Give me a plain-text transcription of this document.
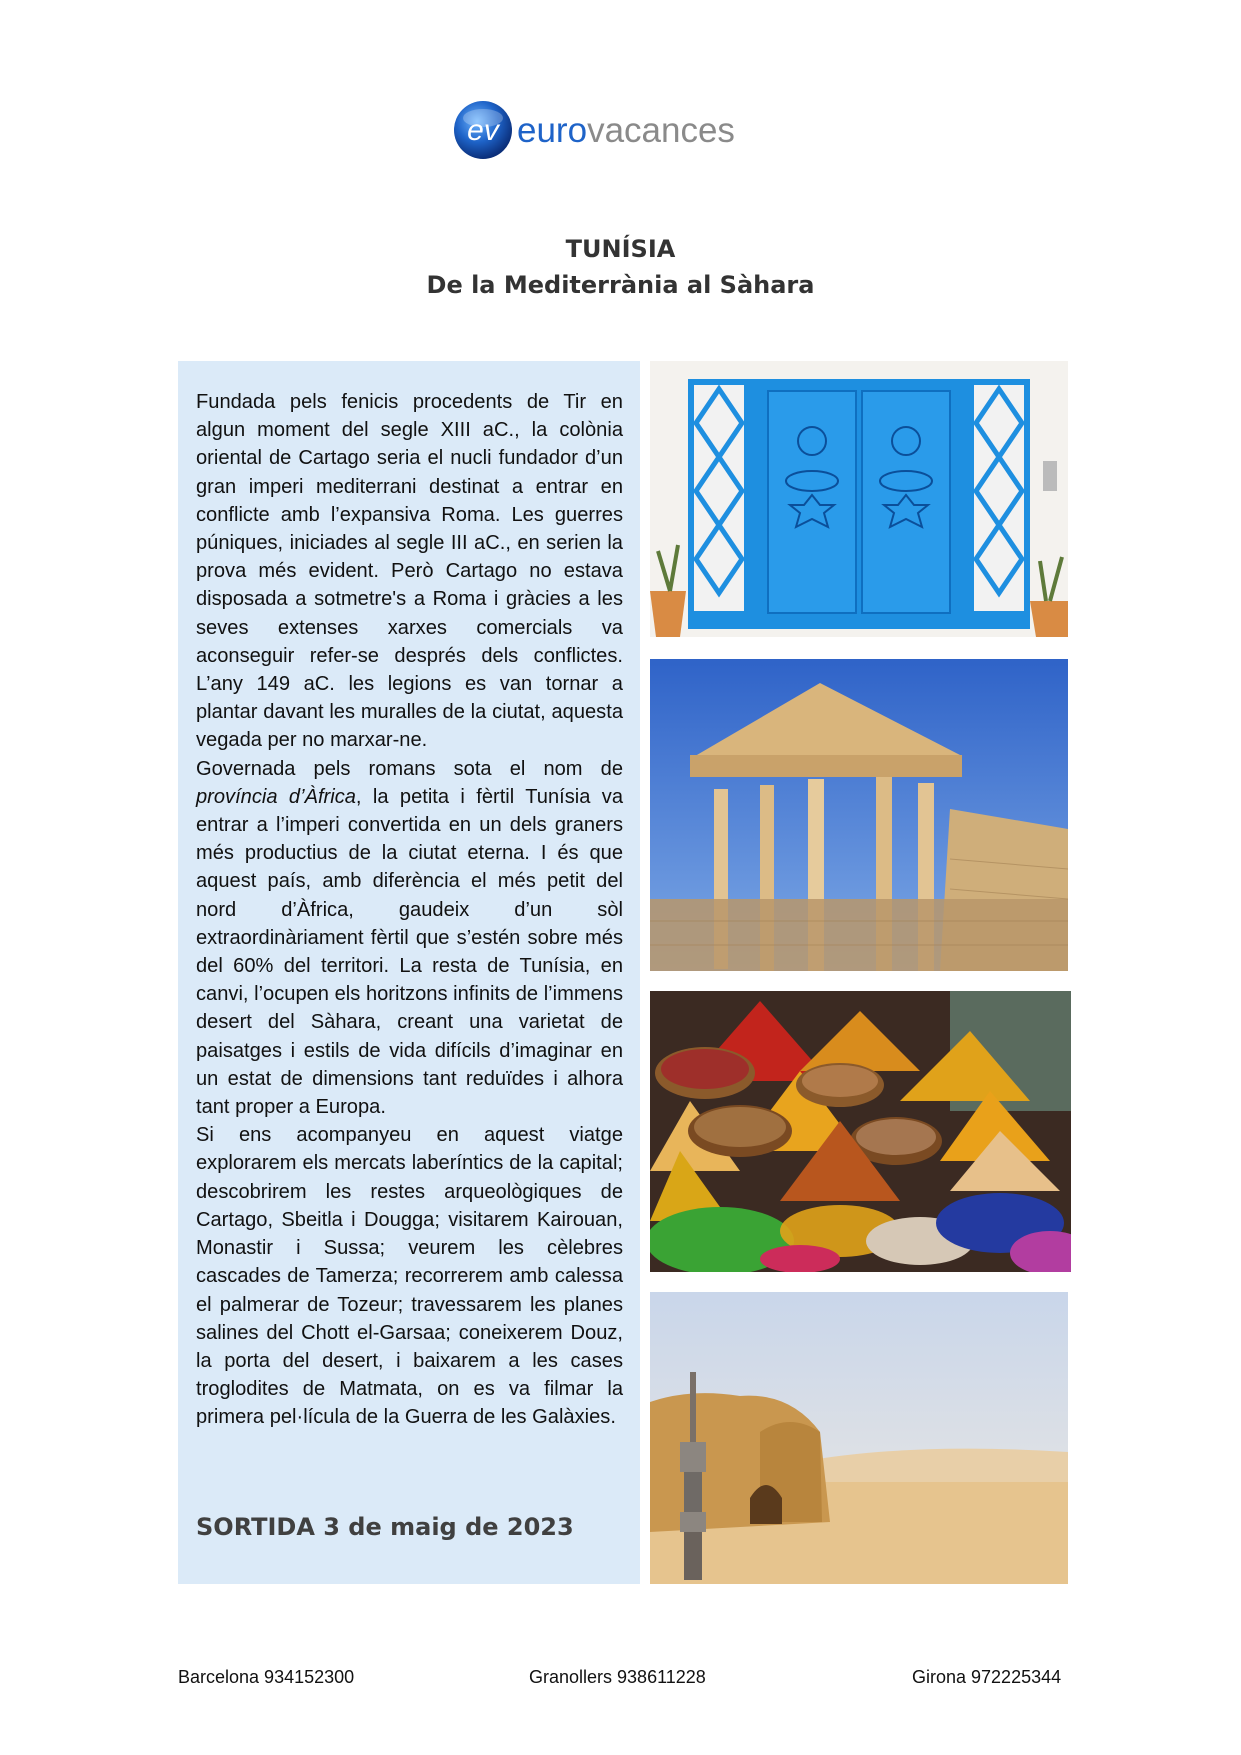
ev eurovacances
TUNÍSIA
De la Mediterrània al Sàhara

Fundada pels fenicis procedents de Tir en algun moment del segle XIII aC., la colònia oriental de Cartago seria el nucli fundador d’un gran imperi mediterrani destinat a entrar en conflicte amb l’expansiva Roma. Les guerres púniques, iniciades al segle III aC., en serien la prova més evident. Però Cartago no estava disposada a sotmetre's a Roma i gràcies a les seves extenses xarxes comercials va aconseguir refer-se després dels conflictes. L’any 149 aC. les legions es van tornar a plantar davant les muralles de la ciutat, aquesta vegada per no marxar-ne.

Governada pels romans sota el nom de província d’Àfrica, la petita i fèrtil Tunísia va entrar a l’imperi convertida en un dels graners més productius de la ciutat eterna. I és que aquest país, amb diferència el més petit del nord d’Àfrica, gaudeix d’un sòl extraordinàriament fèrtil que s’estén sobre més del 60% del territori. La resta de Tunísia, en canvi, l’ocupen els horitzons infinits de l’immens desert del Sàhara, creant una varietat de paisatges i estils de vida difícils d’imaginar en un estat de dimensions tant reduïdes i alhora tant proper a Europa.

Si ens acompanyeu en aquest viatge explorarem els mercats laberíntics de la capital; descobrirem les restes arqueològiques de Cartago, Sbeitla i Dougga; visitarem Kairouan, Monastir i Sussa; veurem les cèlebres cascades de Tamerza; recorrerem amb calessa el palmerar de Tozeur; travessarem les planes salines del Chott el-Garsaa; coneixerem Douz, la porta del desert, i baixarem a les cases troglodites de Matmata, on es va filmar la primera pel·lícula de la Guerra de les Galàxies.

SORTIDA 3 de maig de 2023
Barcelona 934152300	Granollers 938611228	Girona 972225344
